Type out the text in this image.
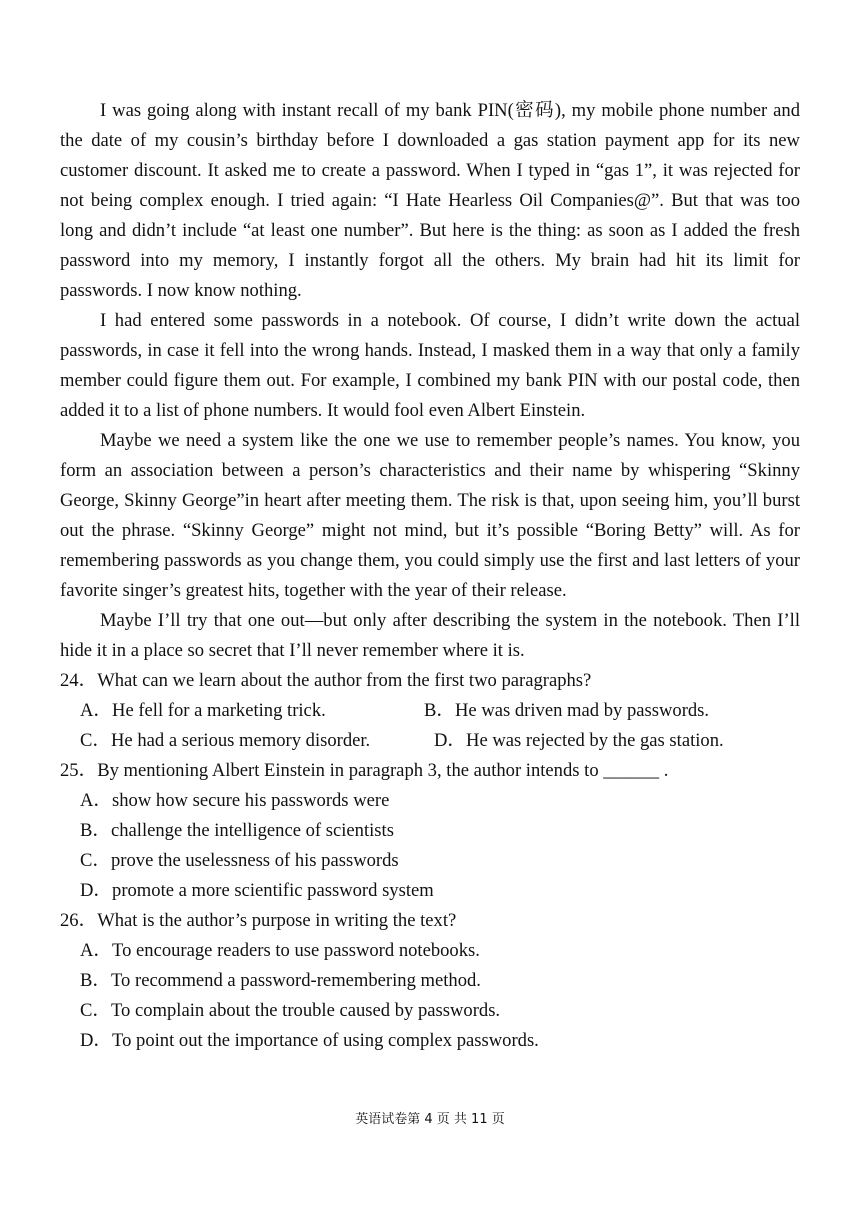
I was going along with instant recall of my bank PIN(密码), my mobile phone number and the date of my cousin’s birthday before I downloaded a gas station payment app for its new customer discount. It asked me to create a password. When I typed in “gas 1”, it was rejected for not being complex enough. I tried again: “I Hate Hearless Oil Companies@”. But that was too long and didn’t include “at least one number”. But here is the thing: as soon as I added the fresh password into my memory, I instantly forgot all the others. My brain had hit its limit for passwords. I now know nothing.

I had entered some passwords in a notebook. Of course, I didn’t write down the actual passwords, in case it fell into the wrong hands. Instead, I masked them in a way that only a family member could figure them out. For example, I combined my bank PIN with our postal code, then added it to a list of phone numbers. It would fool even Albert Einstein.

Maybe we need a system like the one we use to remember people’s names. You know, you form an association between a person’s characteristics and their name by whispering “Skinny George, Skinny George”in heart after meeting them. The risk is that, upon seeing him, you’ll burst out the phrase. “Skinny George” might not mind, but it’s possible “Boring Betty” will. As for remembering passwords as you change them, you could simply use the first and last letters of your favorite singer’s greatest hits, together with the year of their release.

Maybe I’ll try that one out—but only after describing the system in the notebook. Then I’ll hide it in a place so secret that I’ll never remember where it is.

24．What can we learn about the author from the first two paragraphs?

A．He fell for a marketing trick.	B．He was driven mad by passwords.
C．He had a serious memory disorder.	D．He was rejected by the gas station.

25．By mentioning Albert Einstein in paragraph 3, the author intends to ______ .

A．show how secure his passwords were

B．challenge the intelligence of scientists

C．prove the uselessness of his passwords

D．promote a more scientific password system

26．What is the author’s purpose in writing the text?

A．To encourage readers to use password notebooks.

B．To recommend a password-remembering method.

C．To complain about the trouble caused by passwords.

D．To point out the importance of using complex passwords.

英语试卷第 4 页 共 11 页
